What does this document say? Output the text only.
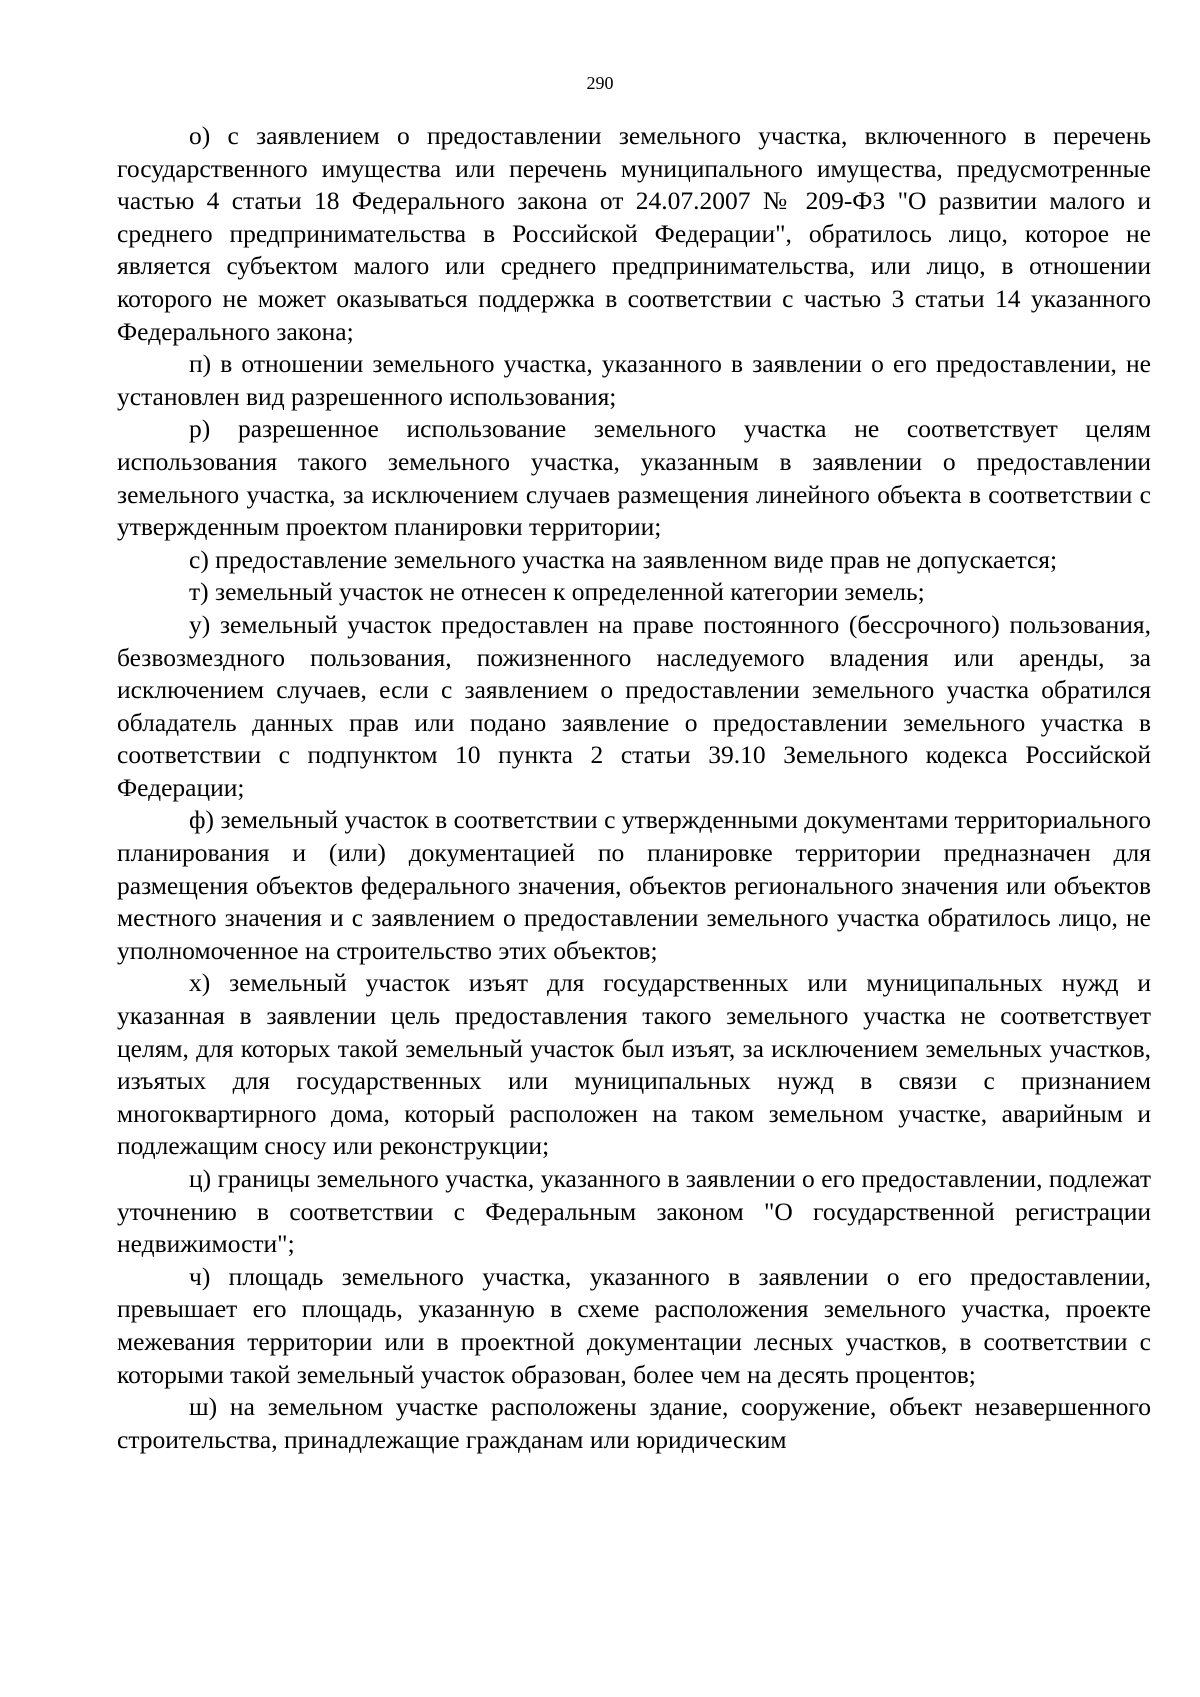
290

о) с заявлением о предоставлении земельного участка, включенного в перечень государственного имущества или перечень муниципального имущества, предусмотренные частью 4 статьи 18 Федерального закона от 24.07.2007 № 209-ФЗ "О развитии малого и среднего предпринимательства в Российской Федерации", обратилось лицо, которое не является субъектом малого или среднего предпринимательства, или лицо, в отношении которого не может оказываться поддержка в соответствии с частью 3 статьи 14 указанного Федерального закона;

п) в отношении земельного участка, указанного в заявлении о его предоставлении, не установлен вид разрешенного использования;

р) разрешенное использование земельного участка не соответствует целям использования такого земельного участка, указанным в заявлении о предоставлении земельного участка, за исключением случаев размещения линейного объекта в соответствии с утвержденным проектом планировки территории;

с) предоставление земельного участка на заявленном виде прав не допускается;

т) земельный участок не отнесен к определенной категории земель;

у) земельный участок предоставлен на праве постоянного (бессрочного) пользования, безвозмездного пользования, пожизненного наследуемого владения или аренды, за исключением случаев, если с заявлением о предоставлении земельного участка обратился обладатель данных прав или подано заявление о предоставлении земельного участка в соответствии с подпунктом 10 пункта 2 статьи 39.10 Земельного кодекса Российской Федерации;

ф) земельный участок в соответствии с утвержденными документами территориального планирования и (или) документацией по планировке территории предназначен для размещения объектов федерального значения, объектов регионального значения или объектов местного значения и с заявлением о предоставлении земельного участка обратилось лицо, не уполномоченное на строительство этих объектов;

х) земельный участок изъят для государственных или муниципальных нужд и указанная в заявлении цель предоставления такого земельного участка не соответствует целям, для которых такой земельный участок был изъят, за исключением земельных участков, изъятых для государственных или муниципальных нужд в связи с признанием многоквартирного дома, который расположен на таком земельном участке, аварийным и подлежащим сносу или реконструкции;

ц) границы земельного участка, указанного в заявлении о его предоставлении, подлежат уточнению в соответствии с Федеральным законом "О государственной регистрации недвижимости";

ч) площадь земельного участка, указанного в заявлении о его предоставлении, превышает его площадь, указанную в схеме расположения земельного участка, проекте межевания территории или в проектной документации лесных участков, в соответствии с которыми такой земельный участок образован, более чем на десять процентов;

ш) на земельном участке расположены здание, сооружение, объект незавершенного строительства, принадлежащие гражданам или юридическим
